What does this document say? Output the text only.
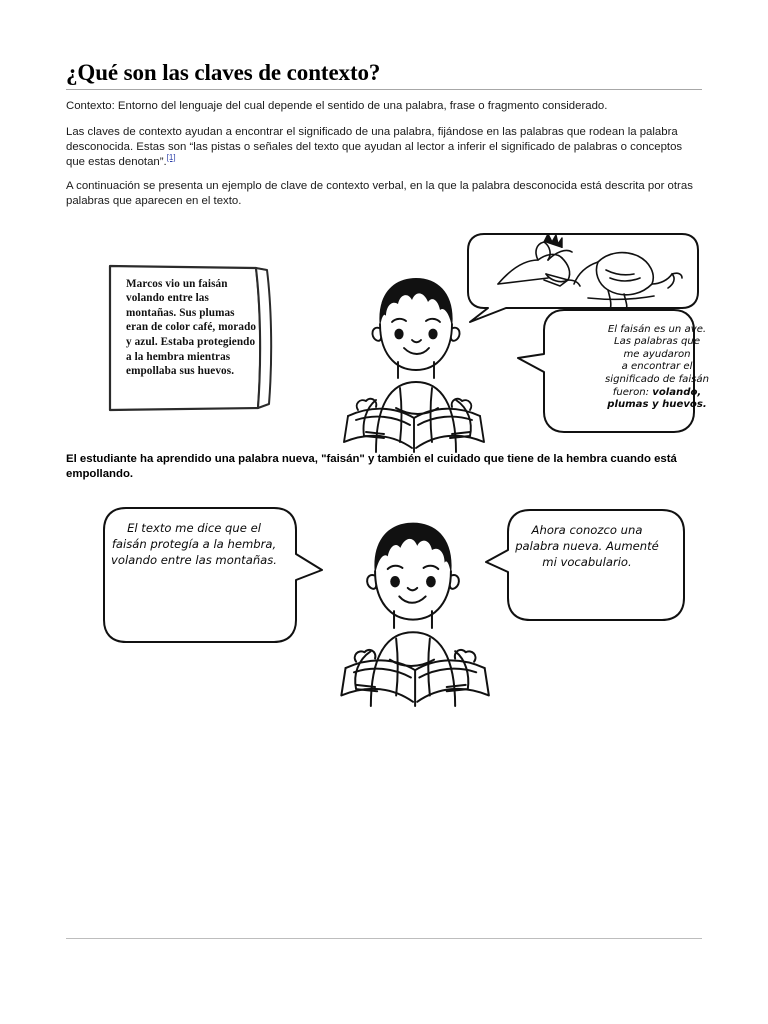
¿Qué son las claves de contexto?

Contexto: Entorno del lenguaje del cual depende el sentido de una palabra, frase o fragmento considerado.

Las claves de contexto ayudan a encontrar el significado de una palabra, fijándose en las palabras que rodean la palabra desconocida. Estas son “las pistas o señales del texto que ayudan al lector a inferir el significado de palabras o conceptos que estas denotan”.[1]

A continuación se presenta un ejemplo de clave de contexto verbal, en la que la palabra desconocida está descrita por otras palabras que aparecen en el texto.

Marcos vio un faisán volando entre las montañas. Sus plumas eran de color café, morado y azul. Estaba protegiendo a la hembra mientras empollaba sus huevos.
El faisán es un ave.
Las palabras que
me ayudaron
a encontrar el
significado de faisán
fueron: volando,
plumas y huevos.

El estudiante ha aprendido una palabra nueva, "faisán" y también el cuidado que tiene de la hembra cuando está empollando.

El texto me dice que el faisán protegía a la hembra, volando entre las montañas.
Ahora conozco una palabra nueva. Aumenté mi vocabulario.
